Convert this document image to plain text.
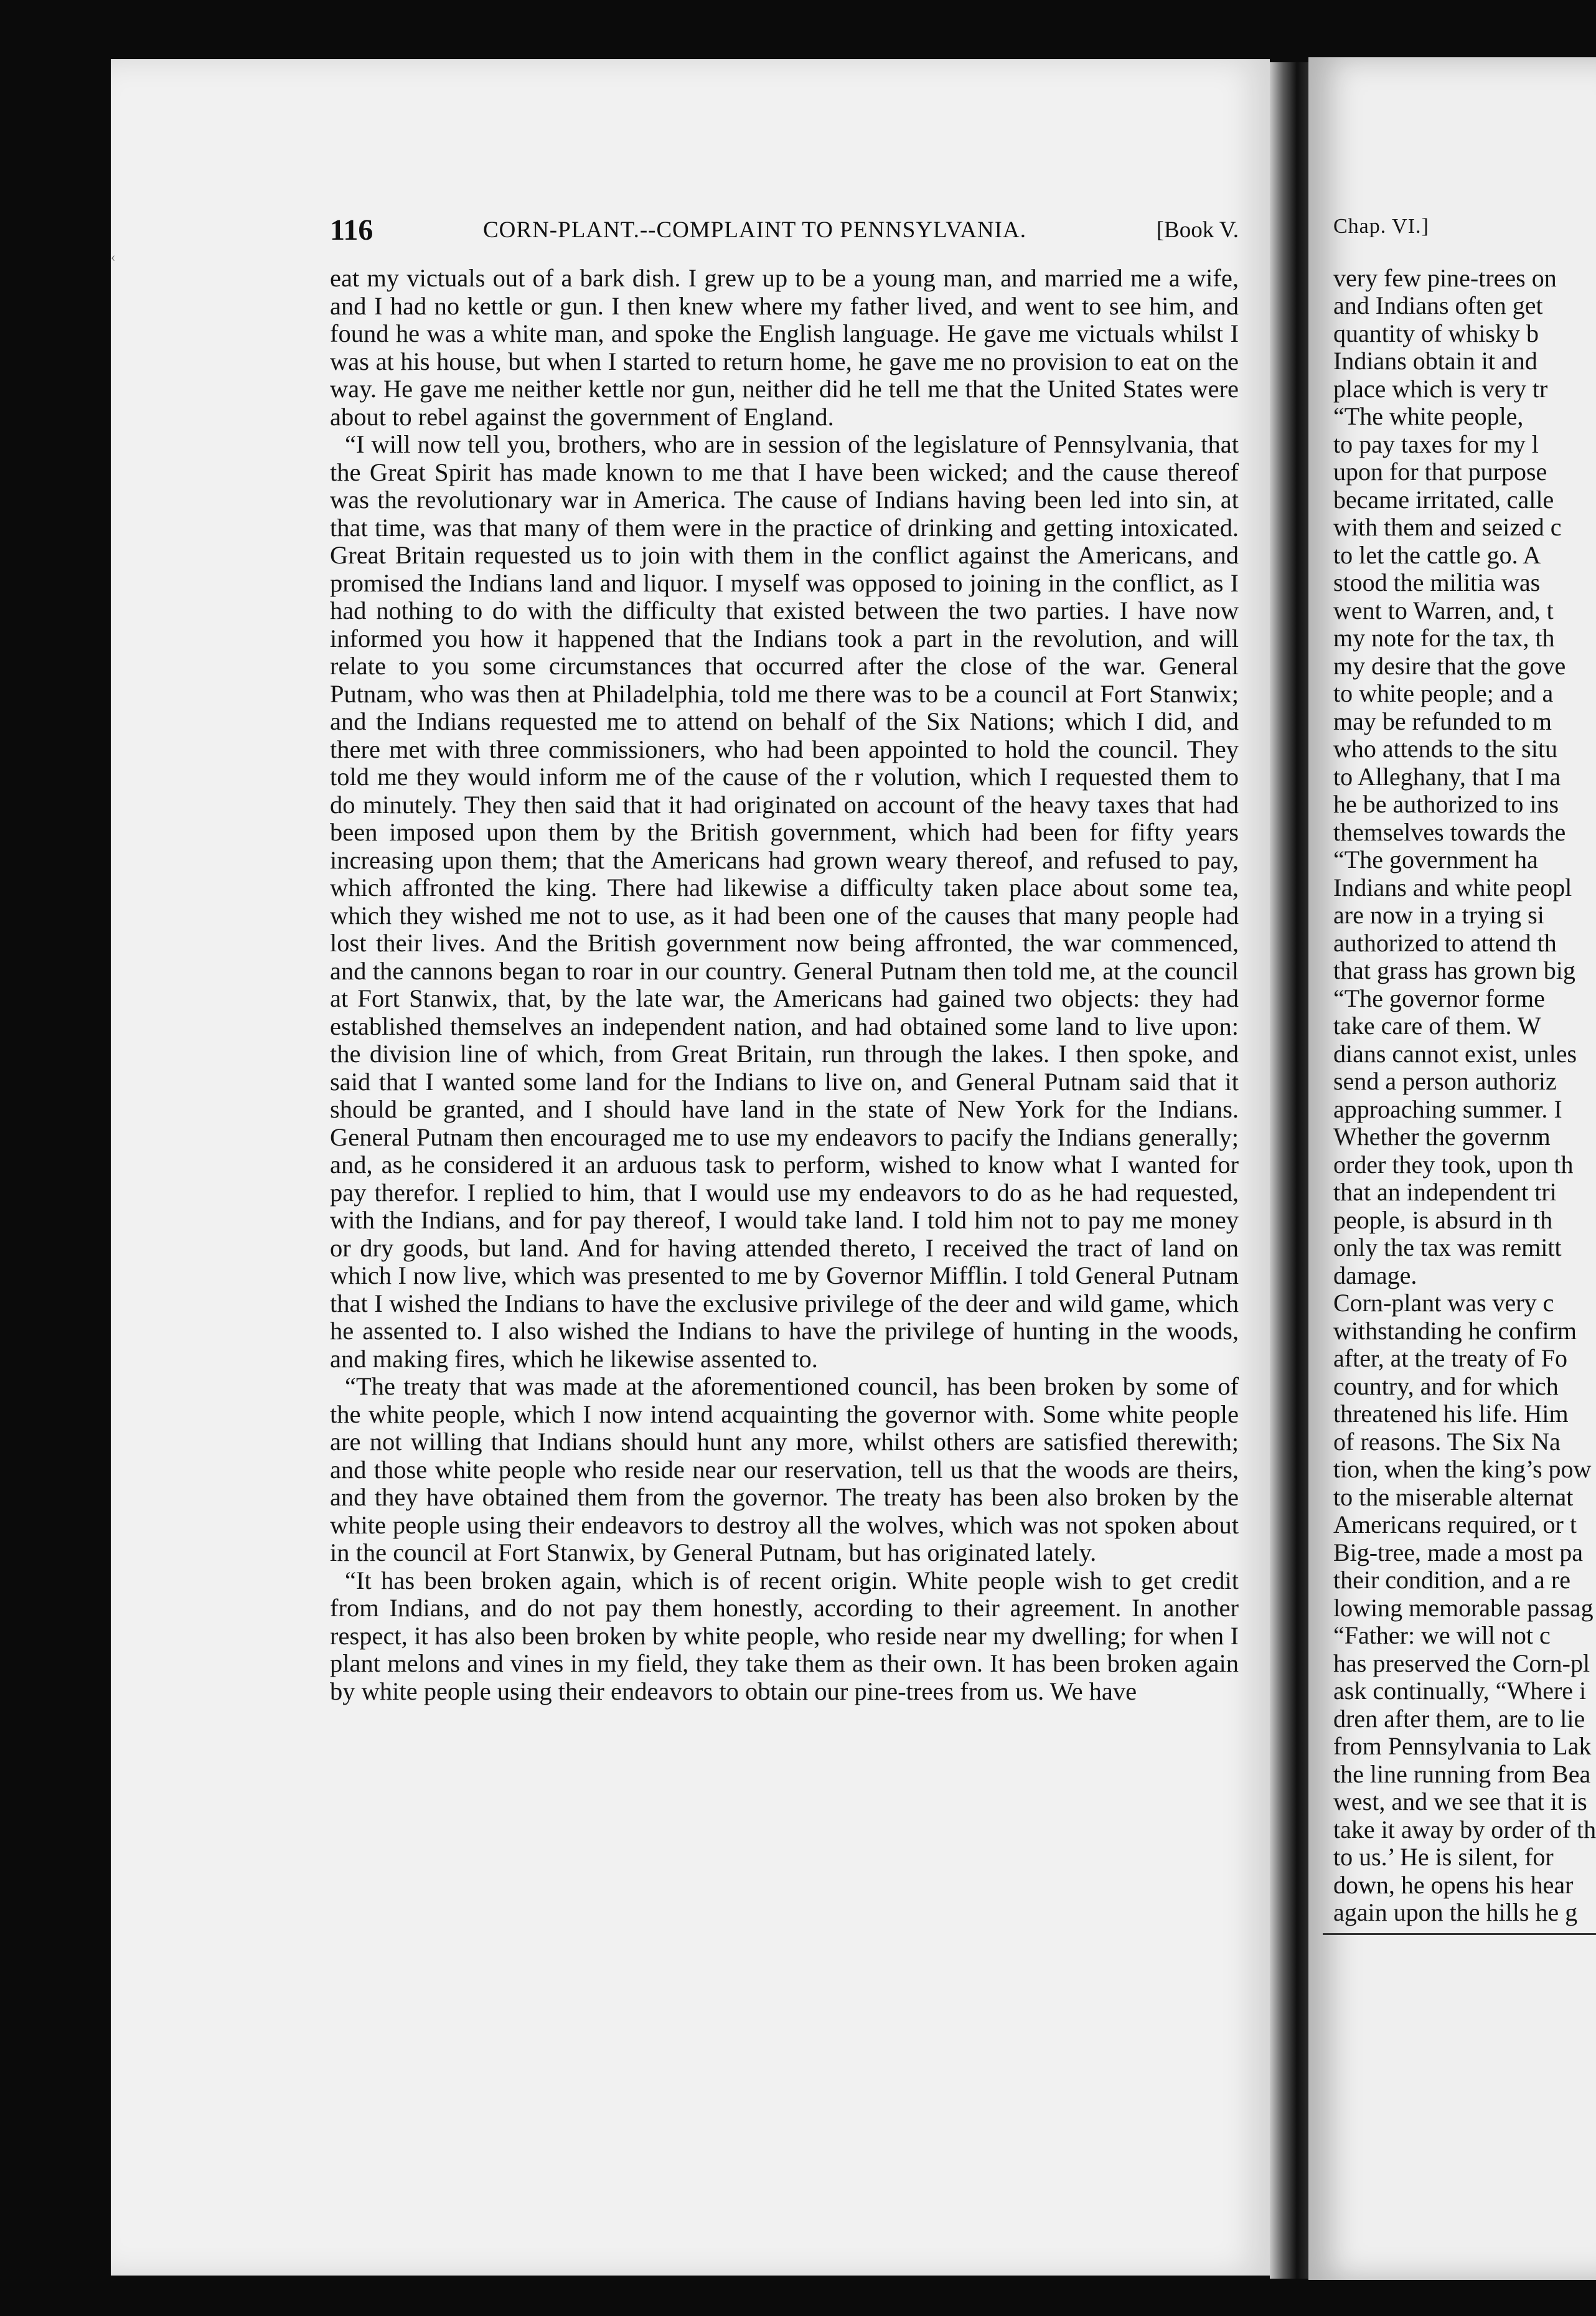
‹
116	CORN-PLANT.--COMPLAINT TO PENNSYLVANIA.	[Book V.

eat my victuals out of a bark dish. I grew up to be a young man, and married me a wife, and I had no kettle or gun. I then knew where my father lived, and went to see him, and found he was a white man, and spoke the English language. He gave me victuals whilst I was at his house, but when I started to return home, he gave me no provision to eat on the way. He gave me neither kettle nor gun, neither did he tell me that the United States were about to rebel against the government of England.

“I will now tell you, brothers, who are in session of the legislature of Pennsylvania, that the Great Spirit has made known to me that I have been wicked; and the cause thereof was the revolutionary war in America. The cause of Indians having been led into sin, at that time, was that many of them were in the practice of drinking and getting intoxicated. Great Britain requested us to join with them in the conflict against the Americans, and promised the Indians land and liquor. I myself was opposed to joining in the conflict, as I had nothing to do with the difficulty that existed between the two parties. I have now informed you how it happened that the Indians took a part in the revolution, and will relate to you some circumstances that occurred after the close of the war. General Putnam, who was then at Philadelphia, told me there was to be a council at Fort Stanwix; and the Indians requested me to attend on behalf of the Six Nations; which I did, and there met with three commissioners, who had been appointed to hold the council. They told me they would inform me of the cause of the r volution, which I requested them to do minutely. They then said that it had originated on account of the heavy taxes that had been imposed upon them by the British government, which had been for fifty years increasing upon them; that the Americans had grown weary thereof, and refused to pay, which affronted the king. There had likewise a difficulty taken place about some tea, which they wished me not to use, as it had been one of the causes that many people had lost their lives. And the British government now being affronted, the war commenced, and the cannons began to roar in our country. General Putnam then told me, at the council at Fort Stanwix, that, by the late war, the Americans had gained two objects: they had established themselves an independent nation, and had obtained some land to live upon: the division line of which, from Great Britain, run through the lakes. I then spoke, and said that I wanted some land for the Indians to live on, and General Putnam said that it should be granted, and I should have land in the state of New York for the Indians. General Putnam then encouraged me to use my endeavors to pacify the Indians generally; and, as he considered it an arduous task to perform, wished to know what I wanted for pay therefor. I replied to him, that I would use my endeavors to do as he had requested, with the Indians, and for pay thereof, I would take land. I told him not to pay me money or dry goods, but land. And for having attended thereto, I received the tract of land on which I now live, which was presented to me by Governor Mifflin. I told General Putnam that I wished the Indians to have the exclusive privilege of the deer and wild game, which he assented to. I also wished the Indians to have the privilege of hunting in the woods, and making fires, which he likewise assented to.

“The treaty that was made at the aforementioned council, has been broken by some of the white people, which I now intend acquainting the governor with. Some white people are not willing that Indians should hunt any more, whilst others are satisfied therewith; and those white people who reside near our reservation, tell us that the woods are theirs, and they have obtained them from the governor. The treaty has been also broken by the white people using their endeavors to destroy all the wolves, which was not spoken about in the council at Fort Stanwix, by General Putnam, but has originated lately.

“It has been broken again, which is of recent origin. White people wish to get credit from Indians, and do not pay them honestly, according to their agreement. In another respect, it has also been broken by white people, who reside near my dwelling; for when I plant melons and vines in my field, they take them as their own. It has been broken again by white people using their endeavors to obtain our pine-trees from us. We have

Chap. VI.]
very few pine-trees on
and Indians often get
quantity of whisky b
Indians obtain it and
place which is very tr
“The white people,
to pay taxes for my l
upon for that purpose
became irritated, calle
with them and seized c
to let the cattle go. A
stood the militia was
went to Warren, and, t
my note for the tax, th
my desire that the gove
to white people; and a
may be refunded to m
who attends to the situ
to Alleghany, that I ma
he be authorized to ins
themselves towards the
“The government ha
Indians and white peopl
are now in a trying si
authorized to attend th
that grass has grown big
“The governor forme
take care of them. W
dians cannot exist, unles
send a person authoriz
approaching summer. I
Whether the governm
order they took, upon th
that an independent tri
people, is absurd in th
only the tax was remitt
damage.
Corn-plant was very c
withstanding he confirm
after, at the treaty of Fo
country, and for which
threatened his life. Him
of reasons. The Six Na
tion, when the king’s pow
to the miserable alternat
Americans required, or t
Big-tree, made a most pa
their condition, and a re
lowing memorable passag
“Father: we will not c
has preserved the Corn-pl
ask continually, “Where i
dren after them, are to lie
from Pennsylvania to Lak
the line running from Bea
west, and we see that it is
take it away by order of th
to us.’ He is silent, for
down, he opens his hear
again upon the hills he g
